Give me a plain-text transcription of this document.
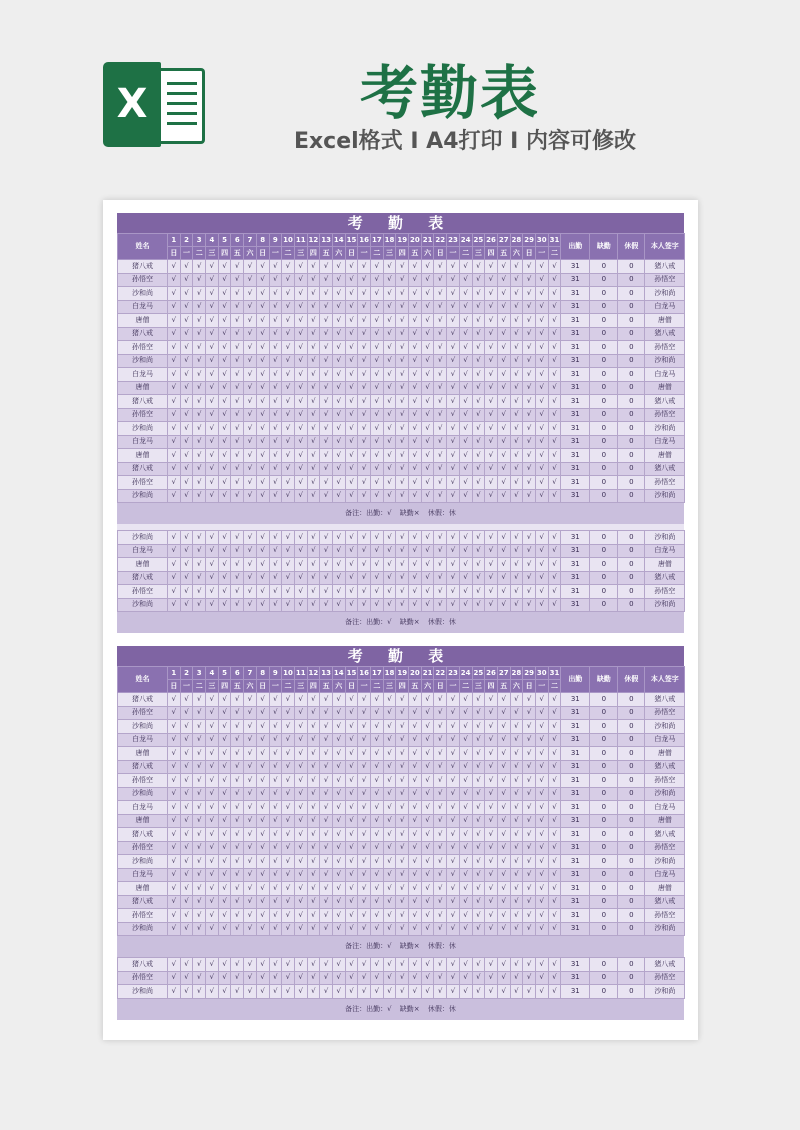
X	考勤表
Excel格式 I A4打印 I 内容可修改
考 勤 表
姓名	1	2	3	4	5	6	7	8	9	10	11	12	13	14	15	16	17	18	19	20	21	22	23	24	25	26	27	28	29	30	31	出勤	缺勤	休假	本人签字
	日	一	二	三	四	五	六	日	一	二	三	四	五	六	日	一	二	三	四	五	六	日	一	二	三	四	五	六	日	一	二				
猪八戒	√	√	√	√	√	√	√	√	√	√	√	√	√	√	√	√	√	√	√	√	√	√	√	√	√	√	√	√	√	√	√	31	0	0	猪八戒
孙悟空	√	√	√	√	√	√	√	√	√	√	√	√	√	√	√	√	√	√	√	√	√	√	√	√	√	√	√	√	√	√	√	31	0	0	孙悟空
沙和尚	√	√	√	√	√	√	√	√	√	√	√	√	√	√	√	√	√	√	√	√	√	√	√	√	√	√	√	√	√	√	√	31	0	0	沙和尚
白龙马	√	√	√	√	√	√	√	√	√	√	√	√	√	√	√	√	√	√	√	√	√	√	√	√	√	√	√	√	√	√	√	31	0	0	白龙马
唐僧	√	√	√	√	√	√	√	√	√	√	√	√	√	√	√	√	√	√	√	√	√	√	√	√	√	√	√	√	√	√	√	31	0	0	唐僧
猪八戒	√	√	√	√	√	√	√	√	√	√	√	√	√	√	√	√	√	√	√	√	√	√	√	√	√	√	√	√	√	√	√	31	0	0	猪八戒
孙悟空	√	√	√	√	√	√	√	√	√	√	√	√	√	√	√	√	√	√	√	√	√	√	√	√	√	√	√	√	√	√	√	31	0	0	孙悟空
沙和尚	√	√	√	√	√	√	√	√	√	√	√	√	√	√	√	√	√	√	√	√	√	√	√	√	√	√	√	√	√	√	√	31	0	0	沙和尚
白龙马	√	√	√	√	√	√	√	√	√	√	√	√	√	√	√	√	√	√	√	√	√	√	√	√	√	√	√	√	√	√	√	31	0	0	白龙马
唐僧	√	√	√	√	√	√	√	√	√	√	√	√	√	√	√	√	√	√	√	√	√	√	√	√	√	√	√	√	√	√	√	31	0	0	唐僧
猪八戒	√	√	√	√	√	√	√	√	√	√	√	√	√	√	√	√	√	√	√	√	√	√	√	√	√	√	√	√	√	√	√	31	0	0	猪八戒
孙悟空	√	√	√	√	√	√	√	√	√	√	√	√	√	√	√	√	√	√	√	√	√	√	√	√	√	√	√	√	√	√	√	31	0	0	孙悟空
沙和尚	√	√	√	√	√	√	√	√	√	√	√	√	√	√	√	√	√	√	√	√	√	√	√	√	√	√	√	√	√	√	√	31	0	0	沙和尚
白龙马	√	√	√	√	√	√	√	√	√	√	√	√	√	√	√	√	√	√	√	√	√	√	√	√	√	√	√	√	√	√	√	31	0	0	白龙马
唐僧	√	√	√	√	√	√	√	√	√	√	√	√	√	√	√	√	√	√	√	√	√	√	√	√	√	√	√	√	√	√	√	31	0	0	唐僧
猪八戒	√	√	√	√	√	√	√	√	√	√	√	√	√	√	√	√	√	√	√	√	√	√	√	√	√	√	√	√	√	√	√	31	0	0	猪八戒
孙悟空	√	√	√	√	√	√	√	√	√	√	√	√	√	√	√	√	√	√	√	√	√	√	√	√	√	√	√	√	√	√	√	31	0	0	孙悟空
沙和尚	√	√	√	√	√	√	√	√	√	√	√	√	√	√	√	√	√	√	√	√	√	√	√	√	√	√	√	√	√	√	√	31	0	0	沙和尚
备注：出勤：√ 缺勤× 休假：休
沙和尚	√	√	√	√	√	√	√	√	√	√	√	√	√	√	√	√	√	√	√	√	√	√	√	√	√	√	√	√	√	√	√	31	0	0	沙和尚
白龙马	√	√	√	√	√	√	√	√	√	√	√	√	√	√	√	√	√	√	√	√	√	√	√	√	√	√	√	√	√	√	√	31	0	0	白龙马
唐僧	√	√	√	√	√	√	√	√	√	√	√	√	√	√	√	√	√	√	√	√	√	√	√	√	√	√	√	√	√	√	√	31	0	0	唐僧
猪八戒	√	√	√	√	√	√	√	√	√	√	√	√	√	√	√	√	√	√	√	√	√	√	√	√	√	√	√	√	√	√	√	31	0	0	猪八戒
孙悟空	√	√	√	√	√	√	√	√	√	√	√	√	√	√	√	√	√	√	√	√	√	√	√	√	√	√	√	√	√	√	√	31	0	0	孙悟空
沙和尚	√	√	√	√	√	√	√	√	√	√	√	√	√	√	√	√	√	√	√	√	√	√	√	√	√	√	√	√	√	√	√	31	0	0	沙和尚
备注：出勤：√ 缺勤× 休假：休
考 勤 表
姓名	1	2	3	4	5	6	7	8	9	10	11	12	13	14	15	16	17	18	19	20	21	22	23	24	25	26	27	28	29	30	31	出勤	缺勤	休假	本人签字
	日	一	二	三	四	五	六	日	一	二	三	四	五	六	日	一	二	三	四	五	六	日	一	二	三	四	五	六	日	一	二				
猪八戒	√	√	√	√	√	√	√	√	√	√	√	√	√	√	√	√	√	√	√	√	√	√	√	√	√	√	√	√	√	√	√	31	0	0	猪八戒
孙悟空	√	√	√	√	√	√	√	√	√	√	√	√	√	√	√	√	√	√	√	√	√	√	√	√	√	√	√	√	√	√	√	31	0	0	孙悟空
沙和尚	√	√	√	√	√	√	√	√	√	√	√	√	√	√	√	√	√	√	√	√	√	√	√	√	√	√	√	√	√	√	√	31	0	0	沙和尚
白龙马	√	√	√	√	√	√	√	√	√	√	√	√	√	√	√	√	√	√	√	√	√	√	√	√	√	√	√	√	√	√	√	31	0	0	白龙马
唐僧	√	√	√	√	√	√	√	√	√	√	√	√	√	√	√	√	√	√	√	√	√	√	√	√	√	√	√	√	√	√	√	31	0	0	唐僧
猪八戒	√	√	√	√	√	√	√	√	√	√	√	√	√	√	√	√	√	√	√	√	√	√	√	√	√	√	√	√	√	√	√	31	0	0	猪八戒
孙悟空	√	√	√	√	√	√	√	√	√	√	√	√	√	√	√	√	√	√	√	√	√	√	√	√	√	√	√	√	√	√	√	31	0	0	孙悟空
沙和尚	√	√	√	√	√	√	√	√	√	√	√	√	√	√	√	√	√	√	√	√	√	√	√	√	√	√	√	√	√	√	√	31	0	0	沙和尚
白龙马	√	√	√	√	√	√	√	√	√	√	√	√	√	√	√	√	√	√	√	√	√	√	√	√	√	√	√	√	√	√	√	31	0	0	白龙马
唐僧	√	√	√	√	√	√	√	√	√	√	√	√	√	√	√	√	√	√	√	√	√	√	√	√	√	√	√	√	√	√	√	31	0	0	唐僧
猪八戒	√	√	√	√	√	√	√	√	√	√	√	√	√	√	√	√	√	√	√	√	√	√	√	√	√	√	√	√	√	√	√	31	0	0	猪八戒
孙悟空	√	√	√	√	√	√	√	√	√	√	√	√	√	√	√	√	√	√	√	√	√	√	√	√	√	√	√	√	√	√	√	31	0	0	孙悟空
沙和尚	√	√	√	√	√	√	√	√	√	√	√	√	√	√	√	√	√	√	√	√	√	√	√	√	√	√	√	√	√	√	√	31	0	0	沙和尚
白龙马	√	√	√	√	√	√	√	√	√	√	√	√	√	√	√	√	√	√	√	√	√	√	√	√	√	√	√	√	√	√	√	31	0	0	白龙马
唐僧	√	√	√	√	√	√	√	√	√	√	√	√	√	√	√	√	√	√	√	√	√	√	√	√	√	√	√	√	√	√	√	31	0	0	唐僧
猪八戒	√	√	√	√	√	√	√	√	√	√	√	√	√	√	√	√	√	√	√	√	√	√	√	√	√	√	√	√	√	√	√	31	0	0	猪八戒
孙悟空	√	√	√	√	√	√	√	√	√	√	√	√	√	√	√	√	√	√	√	√	√	√	√	√	√	√	√	√	√	√	√	31	0	0	孙悟空
沙和尚	√	√	√	√	√	√	√	√	√	√	√	√	√	√	√	√	√	√	√	√	√	√	√	√	√	√	√	√	√	√	√	31	0	0	沙和尚
备注：出勤：√ 缺勤× 休假：休
猪八戒	√	√	√	√	√	√	√	√	√	√	√	√	√	√	√	√	√	√	√	√	√	√	√	√	√	√	√	√	√	√	√	31	0	0	猪八戒
孙悟空	√	√	√	√	√	√	√	√	√	√	√	√	√	√	√	√	√	√	√	√	√	√	√	√	√	√	√	√	√	√	√	31	0	0	孙悟空
沙和尚	√	√	√	√	√	√	√	√	√	√	√	√	√	√	√	√	√	√	√	√	√	√	√	√	√	√	√	√	√	√	√	31	0	0	沙和尚
备注：出勤：√ 缺勤× 休假：休
